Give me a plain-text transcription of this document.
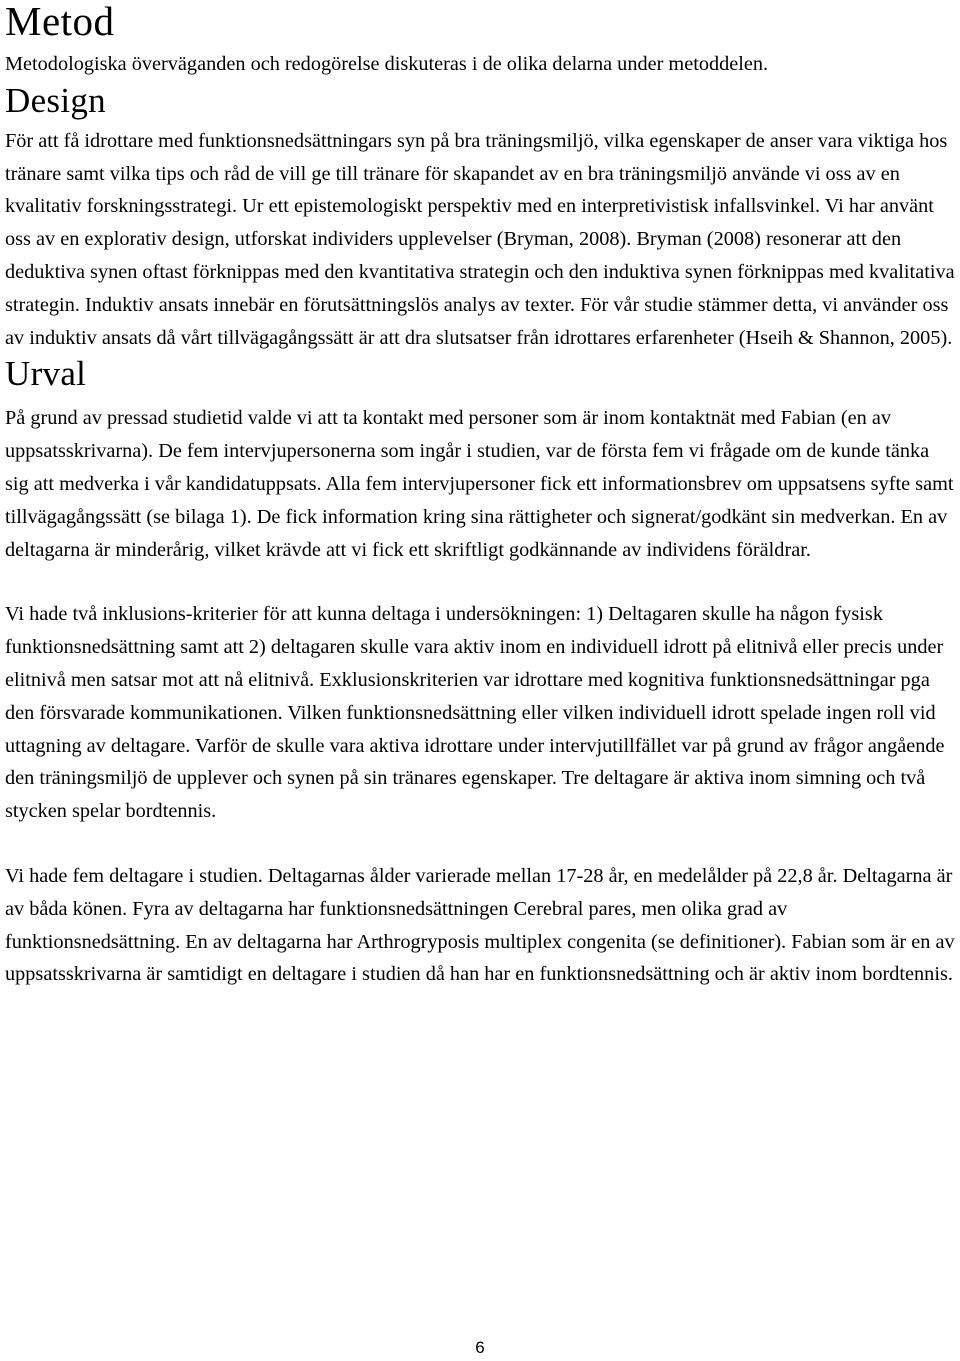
Metod

Metodologiska överväganden och redogörelse diskuteras i de olika delarna under metoddelen.

Design

För att få idrottare med funktionsnedsättningars syn på bra träningsmiljö, vilka egenskaper de anser vara viktiga hos tränare samt vilka tips och råd de vill ge till tränare för skapandet av en bra träningsmiljö använde vi oss av en kvalitativ forskningsstrategi. Ur ett epistemologiskt perspektiv med en interpretivistisk infallsvinkel. Vi har använt oss av en explorativ design, utforskat individers upplevelser (Bryman, 2008). Bryman (2008) resonerar att den deduktiva synen oftast förknippas med den kvantitativa strategin och den induktiva synen förknippas med kvalitativa strategin. Induktiv ansats innebär en förutsättningslös analys av texter. För vår studie stämmer detta, vi använder oss av induktiv ansats då vårt tillvägagångssätt är att dra slutsatser från idrottares erfarenheter (Hseih & Shannon, 2005).

Urval

På grund av pressad studietid valde vi att ta kontakt med personer som är inom kontaktnät med Fabian (en av uppsatsskrivarna). De fem intervjupersonerna som ingår i studien, var de första fem vi frågade om de kunde tänka sig att medverka i vår kandidatuppsats. Alla fem intervjupersoner fick ett informationsbrev om uppsatsens syfte samt tillvägagångssätt (se bilaga 1). De fick information kring sina rättigheter och signerat/godkänt sin medverkan. En av deltagarna är minderårig, vilket krävde att vi fick ett skriftligt godkännande av individens föräldrar.

Vi hade två inklusions-kriterier för att kunna deltaga i undersökningen: 1) Deltagaren skulle ha någon fysisk funktionsnedsättning samt att 2) deltagaren skulle vara aktiv inom en individuell idrott på elitnivå eller precis under elitnivå men satsar mot att nå elitnivå. Exklusionskriterien var idrottare med kognitiva funktionsnedsättningar pga den försvarade kommunikationen. Vilken funktionsnedsättning eller vilken individuell idrott spelade ingen roll vid uttagning av deltagare. Varför de skulle vara aktiva idrottare under intervjutillfället var på grund av frågor angående den träningsmiljö de upplever och synen på sin tränares egenskaper. Tre deltagare är aktiva inom simning och två stycken spelar bordtennis.

Vi hade fem deltagare i studien. Deltagarnas ålder varierade mellan 17-28 år, en medelålder på 22,8 år. Deltagarna är av båda könen. Fyra av deltagarna har funktionsnedsättningen Cerebral pares, men olika grad av funktionsnedsättning. En av deltagarna har Arthrogryposis multiplex congenita (se definitioner). Fabian som är en av uppsatsskrivarna är samtidigt en deltagare i studien då han har en funktionsnedsättning och är aktiv inom bordtennis.

6
